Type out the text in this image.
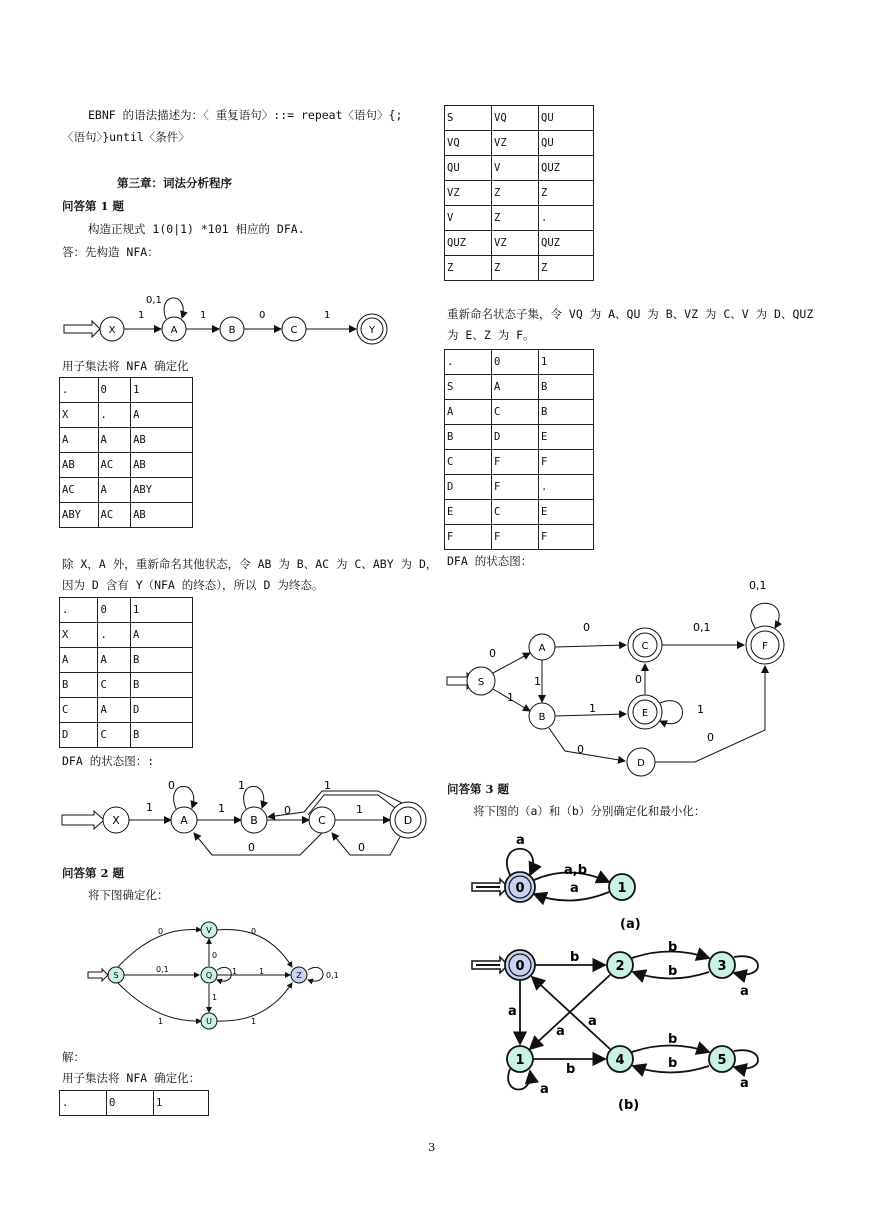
EBNF 的语法描述为：〈 重复语句〉::= repeat〈语句〉{;
〈语句〉}until〈条件〉
第三章：词法分析程序
问答第 1 题
构造正规式 1(0|1) *101 相应的 DFA.
答：先构造 NFA：
X	A	B	C	Y
1	1	0	1
0,1
用子集法将 NFA 确定化
.	0	1
X	.	A
A	A	AB
AB	AC	AB
AC	A	ABY
ABY	AC	AB
除 X，A 外，重新命名其他状态，令 AB 为 B、AC 为 C、ABY 为 D，
因为 D 含有 Y（NFA 的终态），所以 D 为终态。
.	0	1
X	.	A
A	A	B
B	C	B
C	A	D
D	C	B
DFA 的状态图：:
X	A	B	C	D
1	1	0	1
0
1	1
0
0
问答第 2 题
将下图确定化：
S
V
Q
U
Z
0	0
0,1
1
0
1	1
1
1
0,1
解：
用子集法将 NFA 确定化：
.	0	1
S	VQ	QU
VQ	VZ	QU
QU	V	QUZ
VZ	Z	Z
V	Z	.
QUZ	VZ	QUZ
Z	Z	Z
重新命名状态子集，令 VQ 为 A、QU 为 B、VZ 为 C、V 为 D、QUZ
为 E、Z 为 F。
.	0	1
S	A	B
A	C	B
B	D	E
C	F	F
D	F	.
E	C	E
F	F	F
DFA 的状态图：
S
A	C	F
B	E
D
0
1
0	0,1
0,1
1
1
0
0
0
1
问答第 3 题
将下图的（a）和（b）分别确定化和最小化：
0	1
a
a,b
a
(a)
0	2	3
1	4	5
b
b
b
a
a
a
a
a
b
b
b
a
(b)
3
